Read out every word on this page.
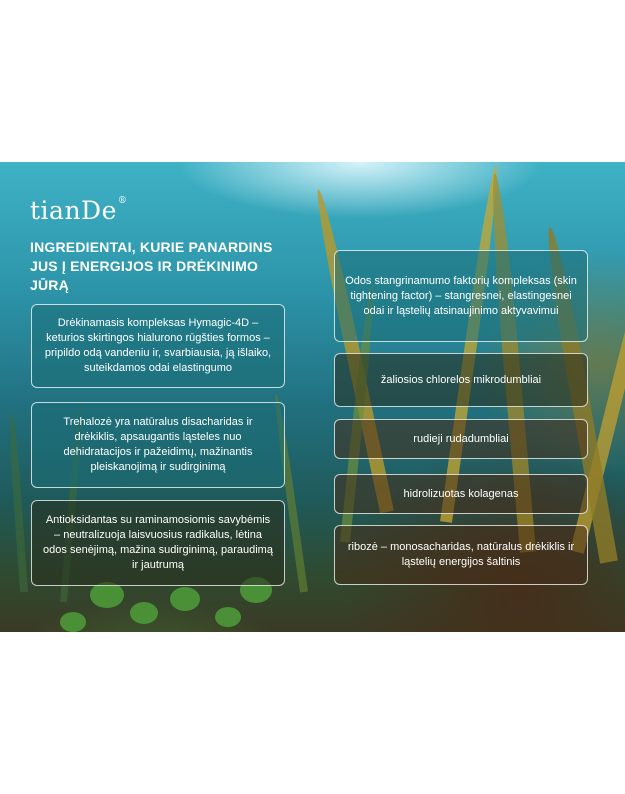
tianDe®
INGREDIENTAI, KURIE PANARDINS JUS Į ENERGIJOS IR DRĖKINIMO JŪRĄ
Drėkinamasis kompleksas Hymagic-4D – keturios skirtingos hialurono rūgšties formos – pripildo odą vandeniu ir, svarbiausia, ją išlaiko, suteikdamos odai elastingumo
Trehalozė yra natūralus disacharidas ir drėkiklis, apsaugantis ląsteles nuo dehidratacijos ir pažeidimų, mažinantis pleiskanojimą ir sudirginimą
Antioksidantas su raminamosiomis savybėmis – neutralizuoja laisvuosius radikalus, lėtina odos senėjimą, mažina sudirginimą, paraudimą ir jautrumą
Odos stangrinamumo faktorių kompleksas (skin tightening factor) – stangresnei, elastingesnei odai ir ląstelių atsinaujinimo aktyvavimui
žaliosios chlorelos mikrodumbliai
rudieji rudadumbliai
hidrolizuotas kolagenas
ribozė – monosacharidas, natūralus drėkiklis ir ląstelių energijos šaltinis
